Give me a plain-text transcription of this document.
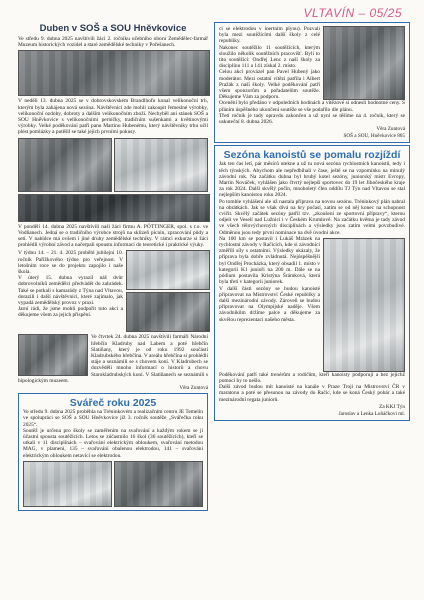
VLTAVÍN – 05/25
Duben v SOŠ a SOU Hněvkovice

Ve středu 9. dubna 2025 navštívili žáci 2. ročníku učebního oboru Zemědělec-farmář Muzeum historických vozidel a staré zemědělské techniky v Pořešanech.

V neděli 13. dubna 2025 se v dobrovskovském Brandlhofu konal velikonoční trh, kterým byla zahájena nová sezóna. Návštěvníci zde mohli zakoupit řemeslné výrobky, velikonoční ozdoby, dobroty a dalším velikonočním zboží. Nechyběl ani stánek SOŠ a SOU Hněvkovice s velikonočními perníčky, tradičním sušenkami a květinovými výrobky. Velké poděkování patří panu Martinu Hubenému, který návštěvníky trhu učil plést pomlázky a potěšil se také jejich prvními pokusy.

V pondělí 14. dubna 2025 navštívili naši žáci firmu A. PÖTTINGER, spol. s r.o. ve Vodňanech. Jedná se o tradičního výrobce strojů na sklizeň pícnin, zpracování půdy a setí. V nabídce má ovšem i jiné druhy zemědělské techniky. V rámci exkurze si žáci prohlédli výrobní závod a načerpali spoustu informací do teoretické i praktické výuky.

V týdnu 14. – 21. 4. 2025 proběhl jubilejní 10. ročník Pařížkového týdne pro veřejnost. V letošním roce se do projektu zapojilo i naše škola.

V úterý 15. dubna vyrazil náš dvůr dobrovolníků zemědělci předvádět do zahrádek. Také se potkali s kamarády z Týna nad Vltavou, dorazili i další návštěvníci, které zajímalo, jak vypadá zemědělský provoz v praxi.

Jarní rádi, že jsme mohli podpořit tuto akci a děkujeme všem za jejich přispění.

Ve čtvrtek 24. dubna 2025 navštívili farmáři Národní hřebčín Kladruby nad Labem a poté hřebčín Slatiňany, který je od roku 1992 součástí Kladrubského hřebčína. V areálu hřebčína si prohlédli stáje a seznámili se s chovem koní. V Kladrubech se dozvěděli mnoho informací o historii a chovu Starokladrubských koní. V Slatiňanech se seznámili s hipologickým muzeem.

Věra Zuntová

Svářeč roku 2025

Ve středu 9. dubna 2025 proběhla na Tréninkovém a realizačním centru JE Temelín ve spolupráci se SOŠ a SOU Hněvkovice již 3. ročník soutěže „Svářečka roku 2025“.

Soutěž je určena pro školy se zaměřením na svařování a každým rokem se jí účastní spousta soutěžících. Letos se zúčastnilo 16 škol (36 soutěžících), kteří se utkali v 11 disciplínách – svařování elektrickým obloukem, svařování metodou MAG, v plameni, 135 – svařování obalenou elektrodou, 141 – svařování elektrickým obloukem netavící se elektrodou.

ci se elektrodou v inertním plynu). Pozvali byla mezi soutěžícími další školy z celé republiky.

Nakonec soutěžilo 11 soutěžících, kterým sloužilo několik soutěžních pracovišť. Byli to tito soutěžící: Ondřej Lenc z naší školy za disciplínu 111 a 141 získal 2. místo.

Celou akcí provázel pan Pavel Hubený jako moderátor. Mezi ostatní vítězi patřila i Albert Pražák z naší školy. Velké poděkování patří všem sponzorům a pořadatelům soutěže. Děkujeme Vám za podporu.

Ocenění bylo předáno v odpoledních hodinách a vítězové si odnesli hodnotné ceny. S přáním úspěšného ukončení soutěže se vše podařilo dle plánu.

Třetí ročník je tady opravdu zakončen a už nyní se těšíme na 4. ročník, který se uskuteční 8. dubna 2026.

Věra Zuntová

SOŠ a SOU, Hněvkovice 865

Sezóna kanoistů se pomalu rozjíždí

Jak ten čas letí, pár měsíců utekne a už tu nová sezóna rychlostních kanoistů, tedy i těch týnských. Abychom ale nepředbíhali v čase, ještě se na vzpomínku na minulý závodní rok. Na začátku dubna byl hrubý kotel sezóny, juniorský mistr Evropy, Martin Nováček, vyhlášen jako čtvrtý nejlepší sportovec do 19 let Jihočeského kraje za rok 2024. Další skvělý počin, mnoholetý člen oddílu TJ Týn nad Vltavou se stal nejlepším kanoistou roku 2024.

Po tomhle vyhlášení ale už nastala příprava na novou sezónu. Tréninkový plán nabral na obrátkách. Jak se však dívá na hry počasí, zatím se od něj konec na schopnost cvičit. Skvělý začátek sezóny patřil tzv. „zkoušení ze sportovní přípravy“, kterou odjeli ve Veselí nad Lužnicí i v Českém Krumlově. Na začátku května je tady závod ve všech tělovýchovných disciplínách a výsledky jsou zatím velmi povzbudivé. Odměnou jsou tedy první nominace na dvě úvodní akce.

Na 100 km se postavil i Lukáš Mrázek na rychlostní závody v Račicích, kde si závodníci změřili síly s ostatními. Výsledky ukázaly, že příprava byla dobře zvládnutá. Nejúspěšnější byl Ondřej Procházka, který obsadil 1. místo v kategorii K1 junioři na 200 m. Dále se na pódium postavila Kristýna Šrámková, která byla třetí v kategorii juniorek.

V další části sezóny se budou kanoisté připravovat na Mistrovství České republiky a další mezinárodní závody. Zároveň se budou připravovat na Olympijské naděje. Všem závodníkům držíme palce a děkujeme za skvělou reprezentaci našeho města.

Poděkování patří také trenérům a rodičům, kteří kanoisty podporují a bez jejichž pomoci by to nešlo.

Další závod budou mít kanoisté na kanále v Praze Troji na Mistrovství ČR v maratonu a poté se přesunou na závody do Račic, kde se koná Český pohár a také mezinárodní regata juniorů.

Za KKJ Týn

Jaroslav a Lenka Luňáčkovi ml.
